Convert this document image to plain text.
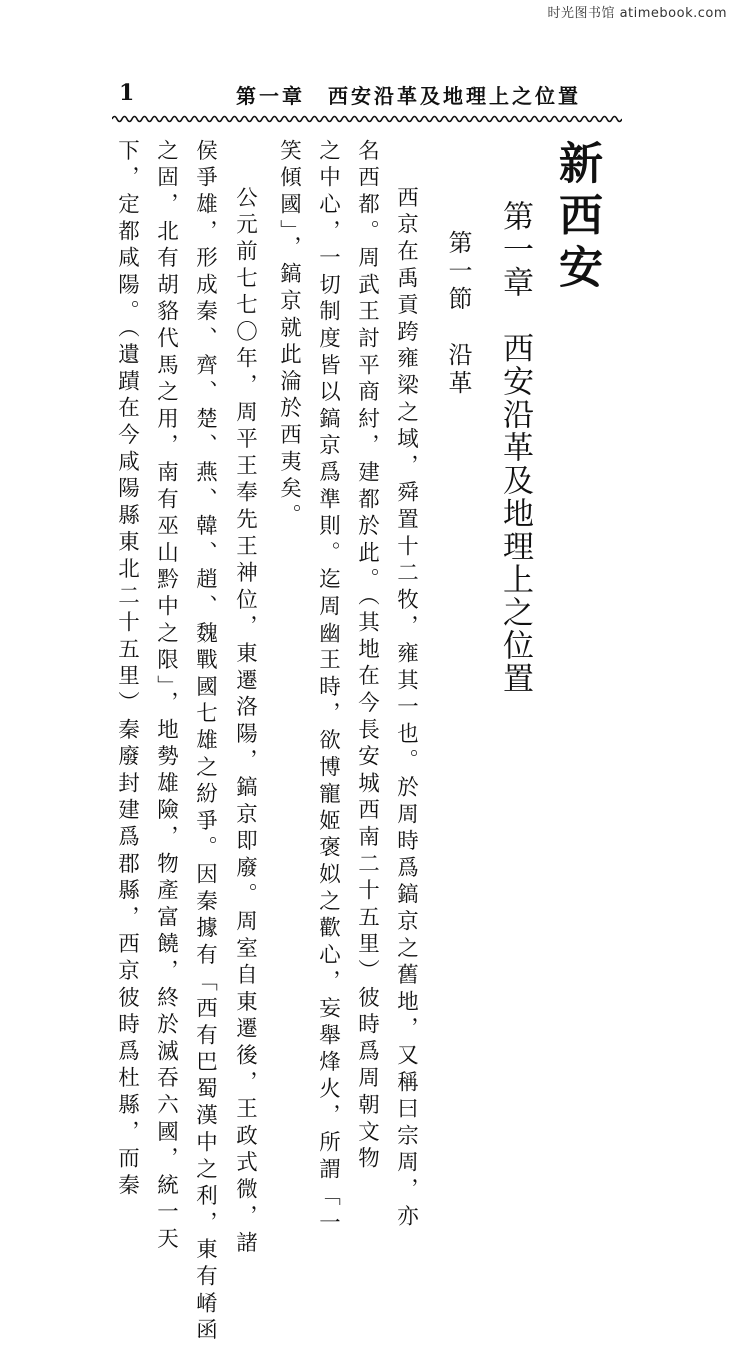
时光图书馆 atimebook.com
1	第一章　西安沿革及地理上之位置
新西安
第一章　西安沿革及地理上之位置
第一節　沿革
西京在禹貢跨雍梁之域，舜置十二牧，雍其一也。於周時爲鎬京之舊地，又稱曰宗周，亦
名西都。周武王討平商紂，建都於此。（其地在今長安城西南二十五里）彼時爲周朝文物
之中心，一切制度皆以鎬京爲準則。迄周幽王時，欲博寵姬褒姒之歡心，妄舉烽火，所謂「一
笑傾國」，鎬京就此淪於西夷矣。
公元前七七〇年，周平王奉先王神位，東遷洛陽，鎬京即廢。周室自東遷後，王政式微，諸
侯爭雄，形成秦、齊、楚、燕、韓、趙、魏戰國七雄之紛爭。因秦據有「西有巴蜀漢中之利，東有崤函
之固，北有胡貉代馬之用，南有巫山黔中之限」，地勢雄險，物產富饒，終於滅吞六國，統一天
下，定都咸陽。（遺蹟在今咸陽縣東北二十五里）秦廢封建爲郡縣，西京彼時爲杜縣，而秦
